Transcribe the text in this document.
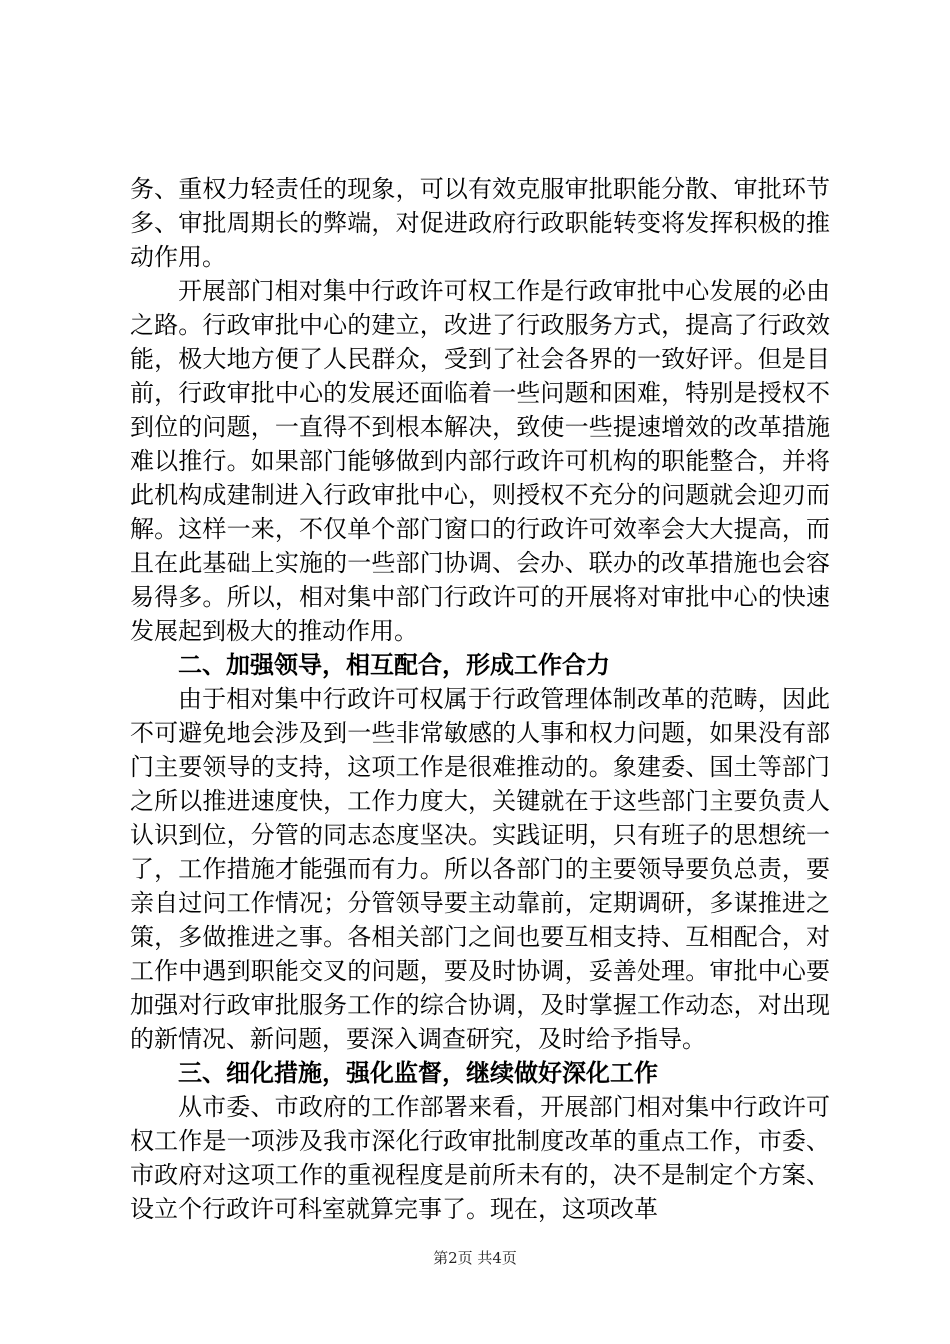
务、重权力轻责任的现象，可以有效克服审批职能分散、审批环节多、审批周期长的弊端，对促进政府行政职能转变将发挥积极的推动作用。

开展部门相对集中行政许可权工作是行政审批中心发展的必由之路。行政审批中心的建立，改进了行政服务方式，提高了行政效能，极大地方便了人民群众，受到了社会各界的一致好评。但是目前，行政审批中心的发展还面临着一些问题和困难，特别是授权不到位的问题，一直得不到根本解决，致使一些提速增效的改革措施难以推行。如果部门能够做到内部行政许可机构的职能整合，并将此机构成建制进入行政审批中心，则授权不充分的问题就会迎刃而解。这样一来，不仅单个部门窗口的行政许可效率会大大提高，而且在此基础上实施的一些部门协调、会办、联办的改革措施也会容易得多。所以，相对集中部门行政许可的开展将对审批中心的快速发展起到极大的推动作用。

二、加强领导，相互配合，形成工作合力

由于相对集中行政许可权属于行政管理体制改革的范畴，因此不可避免地会涉及到一些非常敏感的人事和权力问题，如果没有部门主要领导的支持，这项工作是很难推动的。象建委、国土等部门之所以推进速度快，工作力度大，关键就在于这些部门主要负责人认识到位，分管的同志态度坚决。实践证明，只有班子的思想统一了，工作措施才能强而有力。所以各部门的主要领导要负总责，要亲自过问工作情况；分管领导要主动靠前，定期调研，多谋推进之策，多做推进之事。各相关部门之间也要互相支持、互相配合，对工作中遇到职能交叉的问题，要及时协调，妥善处理。审批中心要加强对行政审批服务工作的综合协调，及时掌握工作动态，对出现的新情况、新问题，要深入调查研究，及时给予指导。

三、细化措施，强化监督，继续做好深化工作

从市委、市政府的工作部署来看，开展部门相对集中行政许可权工作是一项涉及我市深化行政审批制度改革的重点工作，市委、市政府对这项工作的重视程度是前所未有的，决不是制定个方案、设立个行政许可科室就算完事了。现在，这项改革

第2页 共4页
